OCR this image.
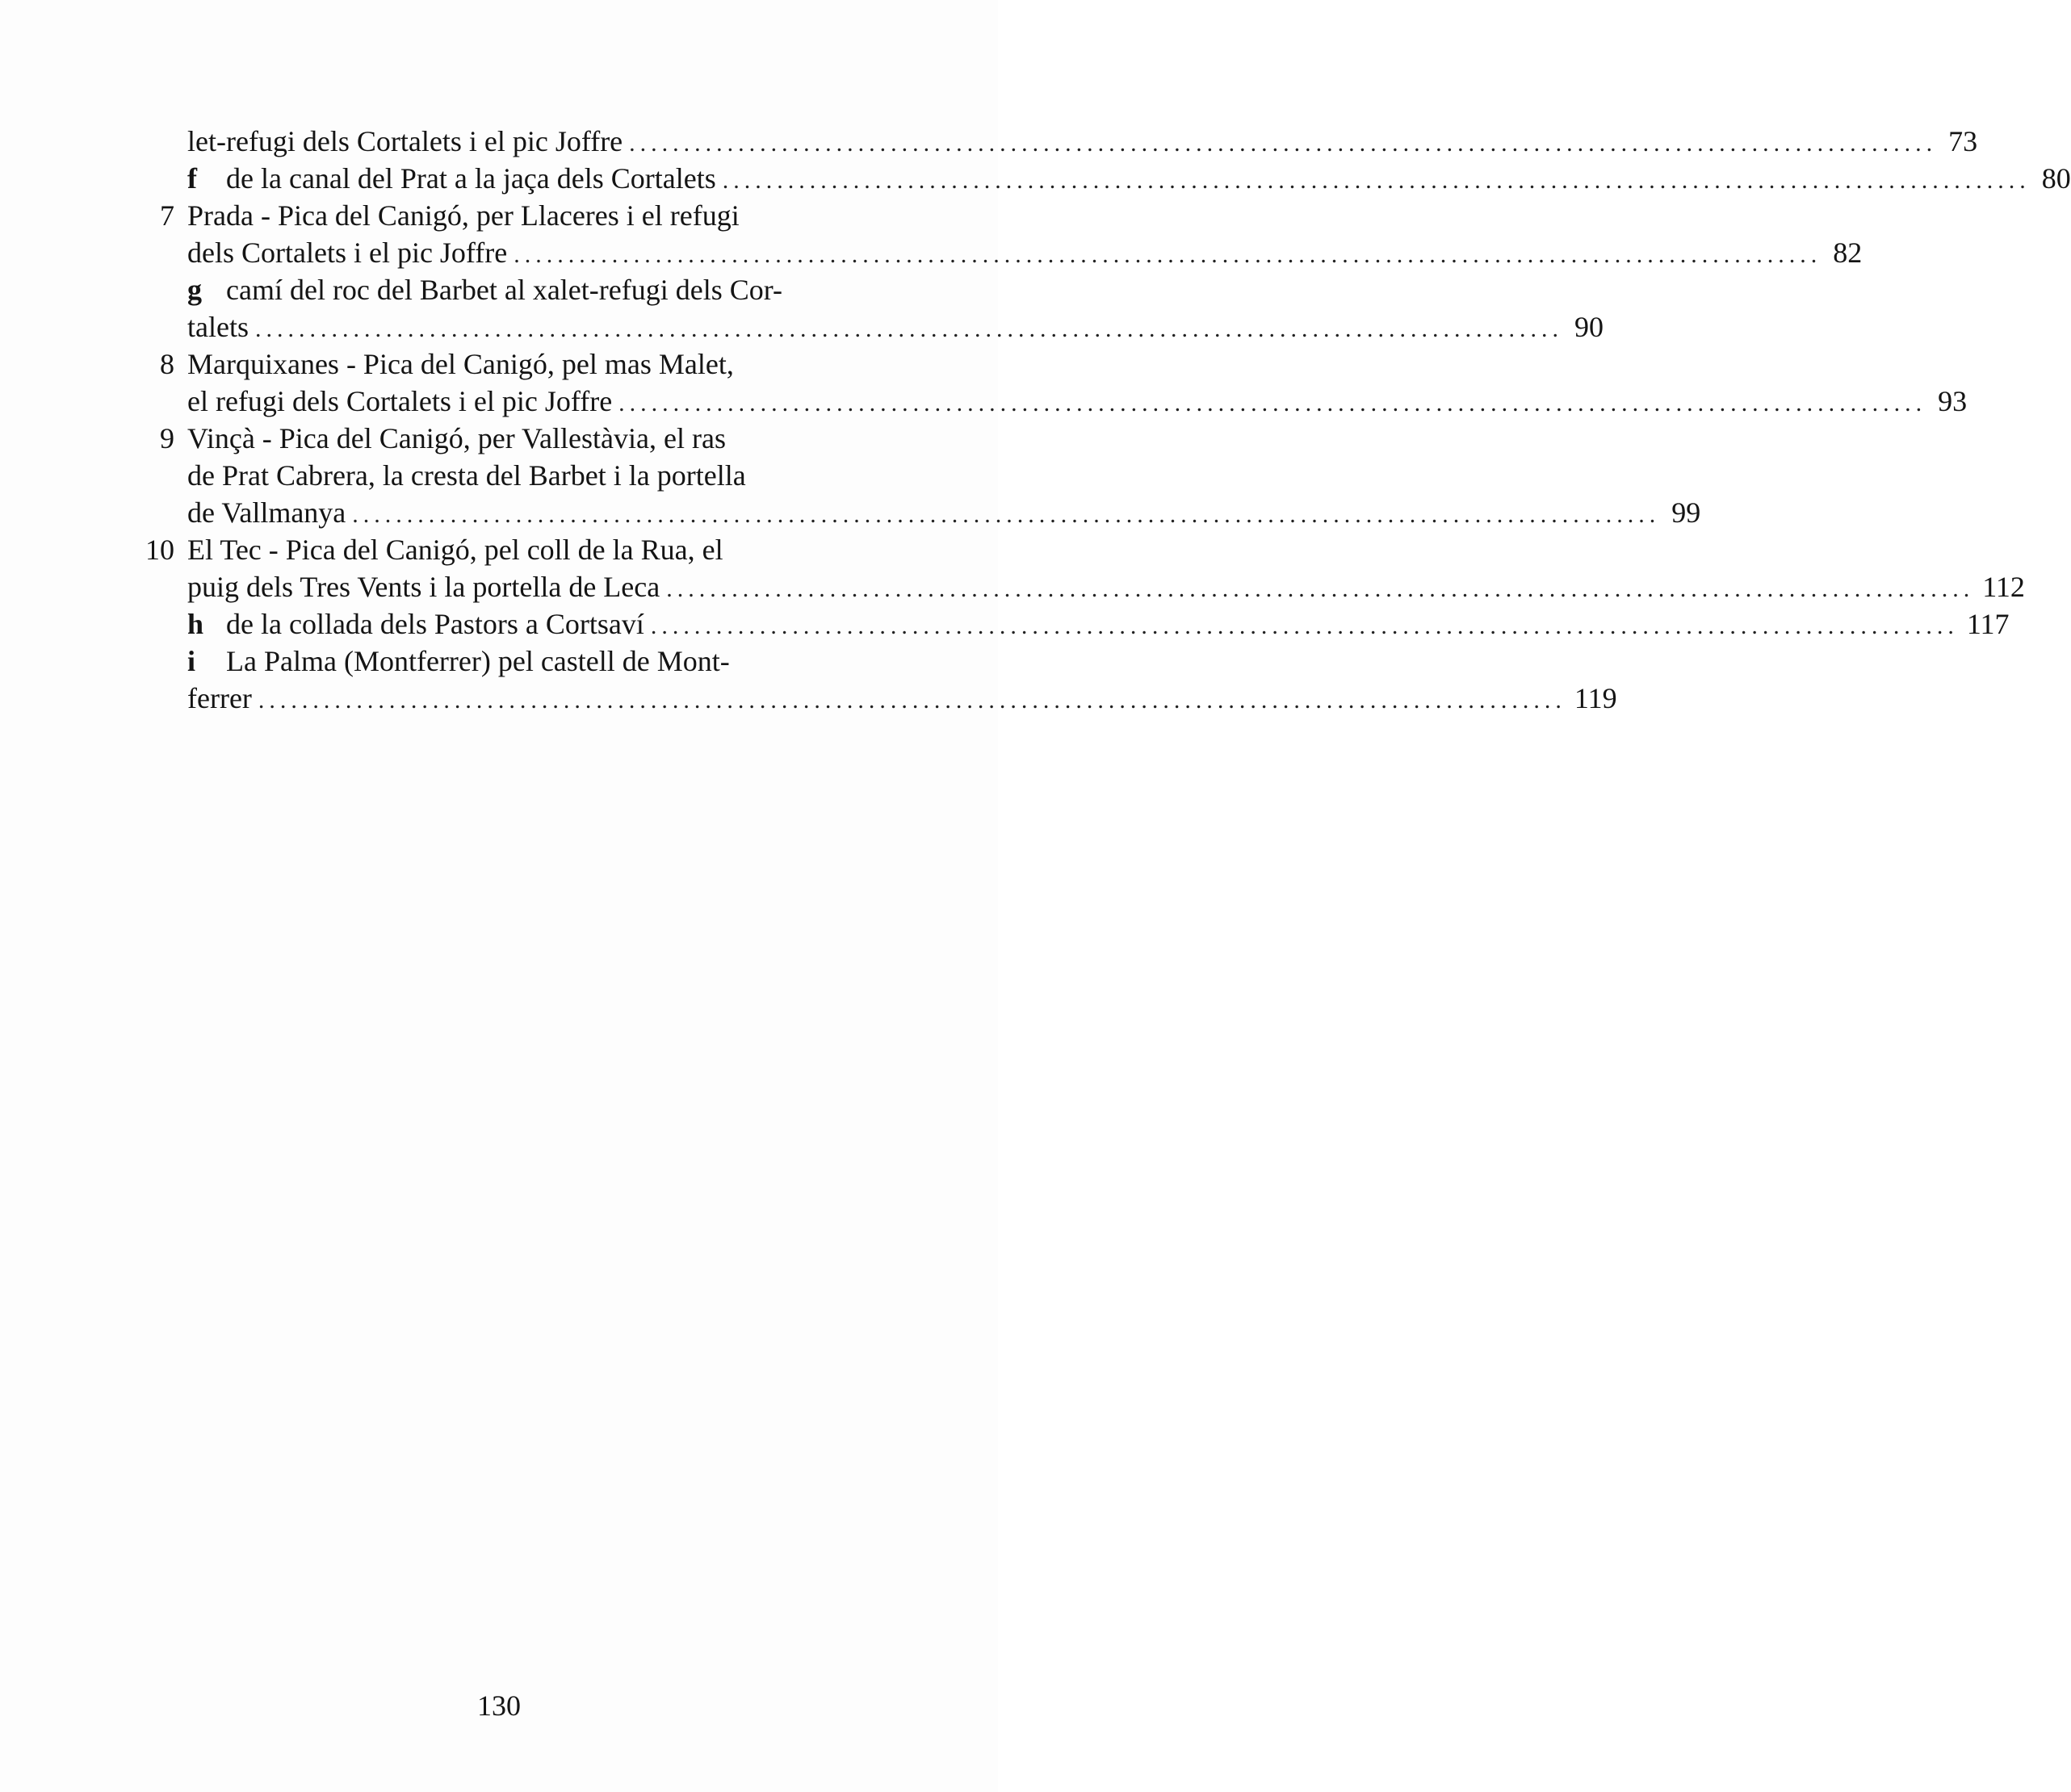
let-refugi dels Cortalets i el pic Joffre ........................................................................................................................ 73
f de la canal del Prat a la jaça dels Cortalets ........................................................................................................................ 80
7 Prada - Pica del Canigó, per Llaceres i el refugi
dels Cortalets i el pic Joffre ........................................................................................................................ 82
g camí del roc del Barbet al xalet-refugi dels Cor-
talets ........................................................................................................................ 90
8 Marquixanes - Pica del Canigó, pel mas Malet,
el refugi dels Cortalets i el pic Joffre ........................................................................................................................ 93
9 Vinçà - Pica del Canigó, per Vallestàvia, el ras
de Prat Cabrera, la cresta del Barbet i la portella
de Vallmanya ........................................................................................................................ 99
10 El Tec - Pica del Canigó, pel coll de la Rua, el
puig dels Tres Vents i la portella de Leca ........................................................................................................................ 112
h de la collada dels Pastors a Cortsaví ........................................................................................................................ 117
i La Palma (Montferrer) pel castell de Mont-
ferrer ........................................................................................................................ 119
130
